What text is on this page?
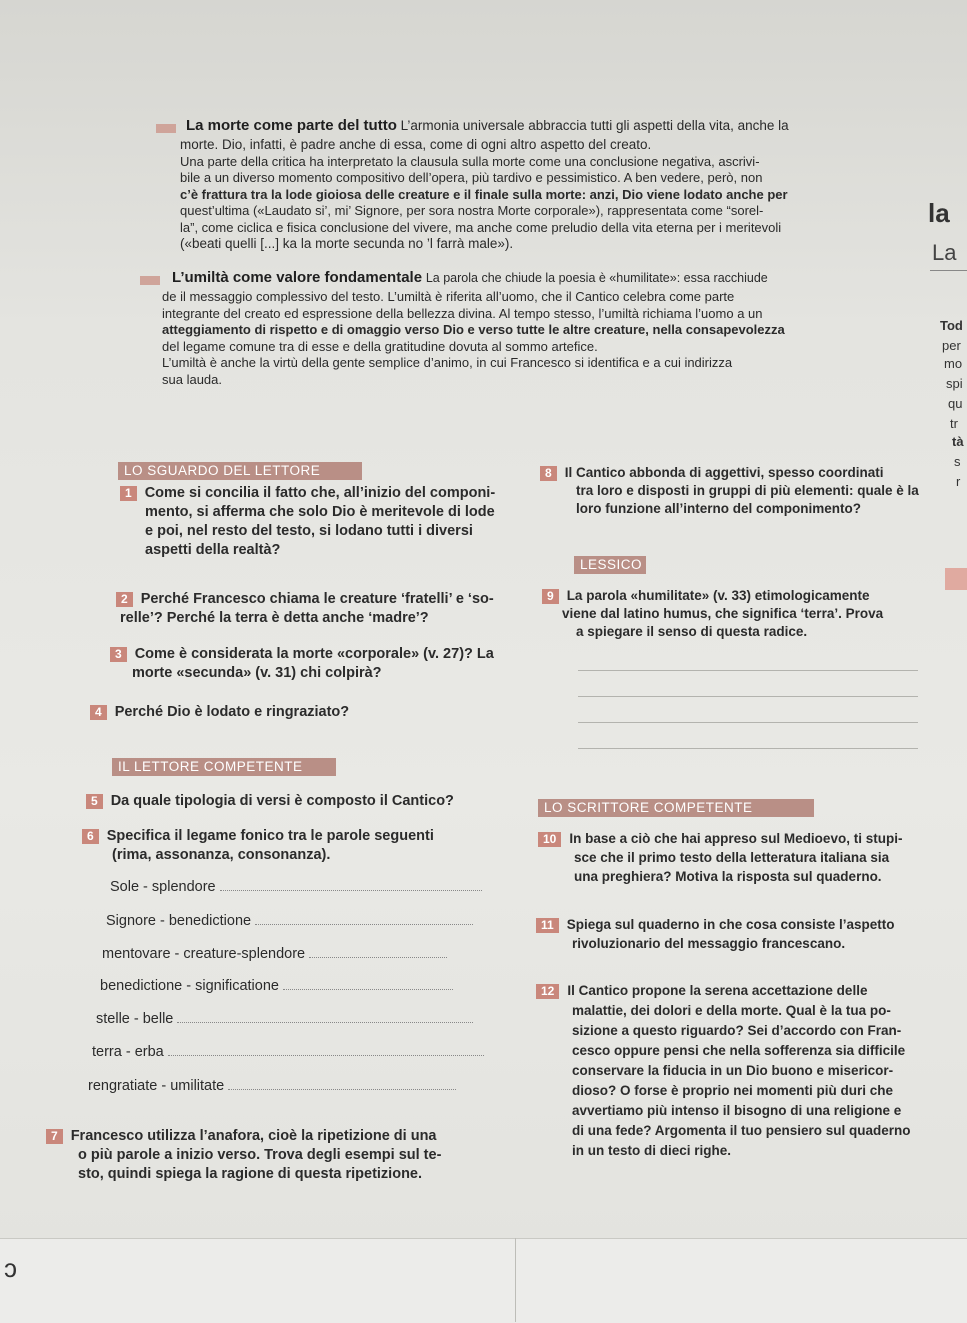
La morte come parte del tutto L’armonia universale abbraccia tutti gli aspetti della vita, anche la
morte. Dio, infatti, è padre anche di essa, come di ogni altro aspetto del creato.
Una parte della critica ha interpretato la clausula sulla morte come una conclusione negativa, ascrivi-
bile a un diverso momento compositivo dell’opera, più tardivo e pessimistico. A ben vedere, però, non
c’è frattura tra la lode gioiosa delle creature e il finale sulla morte: anzi, Dio viene lodato anche per
quest’ultima («Laudato si’, mi’ Signore, per sora nostra Morte corporale»), rappresentata come “sorel-
la”, come ciclica e fisica conclusione del vivere, ma anche come preludio della vita eterna per i meritevoli
(«beati quelli [...] ka la morte secunda no ’l farrà male»).
L’umiltà come valore fondamentale La parola che chiude la poesia è «humilitate»: essa racchiude
de il messaggio complessivo del testo. L’umiltà è riferita all’uomo, che il Cantico celebra come parte
integrante del creato ed espressione della bellezza divina. Al tempo stesso, l’umiltà richiama l’uomo a un
atteggiamento di rispetto e di omaggio verso Dio e verso tutte le altre creature, nella consapevolezza
del legame comune tra di esse e della gratitudine dovuta al sommo artefice.
L’umiltà è anche la virtù della gente semplice d’animo, in cui Francesco si identifica e a cui indirizza
sua lauda.
LO SGUARDO DEL LETTORE
1 Come si concilia il fatto che, all’inizio del componi-
mento, si afferma che solo Dio è meritevole di lode
e poi, nel resto del testo, si lodano tutti i diversi
aspetti della realtà?
2 Perché Francesco chiama le creature ‘fratelli’ e ‘so-
relle’? Perché la terra è detta anche ‘madre’?
3 Come è considerata la morte «corporale» (v. 27)? La
morte «secunda» (v. 31) chi colpirà?
4 Perché Dio è lodato e ringraziato?
IL LETTORE COMPETENTE
5 Da quale tipologia di versi è composto il Cantico?
6 Specifica il legame fonico tra le parole seguenti
(rima, assonanza, consonanza).
Sole - splendore
Signore - benedictione
mentovare - creature-splendore
benedictione - significatione
stelle - belle
terra - erba
rengratiate - umilitate
7 Francesco utilizza l’anafora, cioè la ripetizione di una
o più parole a inizio verso. Trova degli esempi sul te-
sto, quindi spiega la ragione di questa ripetizione.
8 Il Cantico abbonda di aggettivi, spesso coordinati
tra loro e disposti in gruppi di più elementi: quale è la
loro funzione all’interno del componimento?
LESSICO
9 La parola «humilitate» (v. 33) etimologicamente
viene dal latino humus, che significa ‘terra’. Prova
a spiegare il senso di questa radice.
LO SCRITTORE COMPETENTE
10 In base a ciò che hai appreso sul Medioevo, ti stupi-
sce che il primo testo della letteratura italiana sia
una preghiera? Motiva la risposta sul quaderno.
11 Spiega sul quaderno in che cosa consiste l’aspetto
rivoluzionario del messaggio francescano.
12 Il Cantico propone la serena accettazione delle
malattie, dei dolori e della morte. Qual è la tua po-
sizione a questo riguardo? Sei d’accordo con Fran-
cesco oppure pensi che nella sofferenza sia difficile
conservare la fiducia in un Dio buono e misericor-
dioso? O forse è proprio nei momenti più duri che
avvertiamo più intenso il bisogno di una religione e
di una fede? Argomenta il tuo pensiero sul quaderno
in un testo di dieci righe.
la
La
Tod
per
mo
spi
qu
tr
tà
s
r
ɔ
